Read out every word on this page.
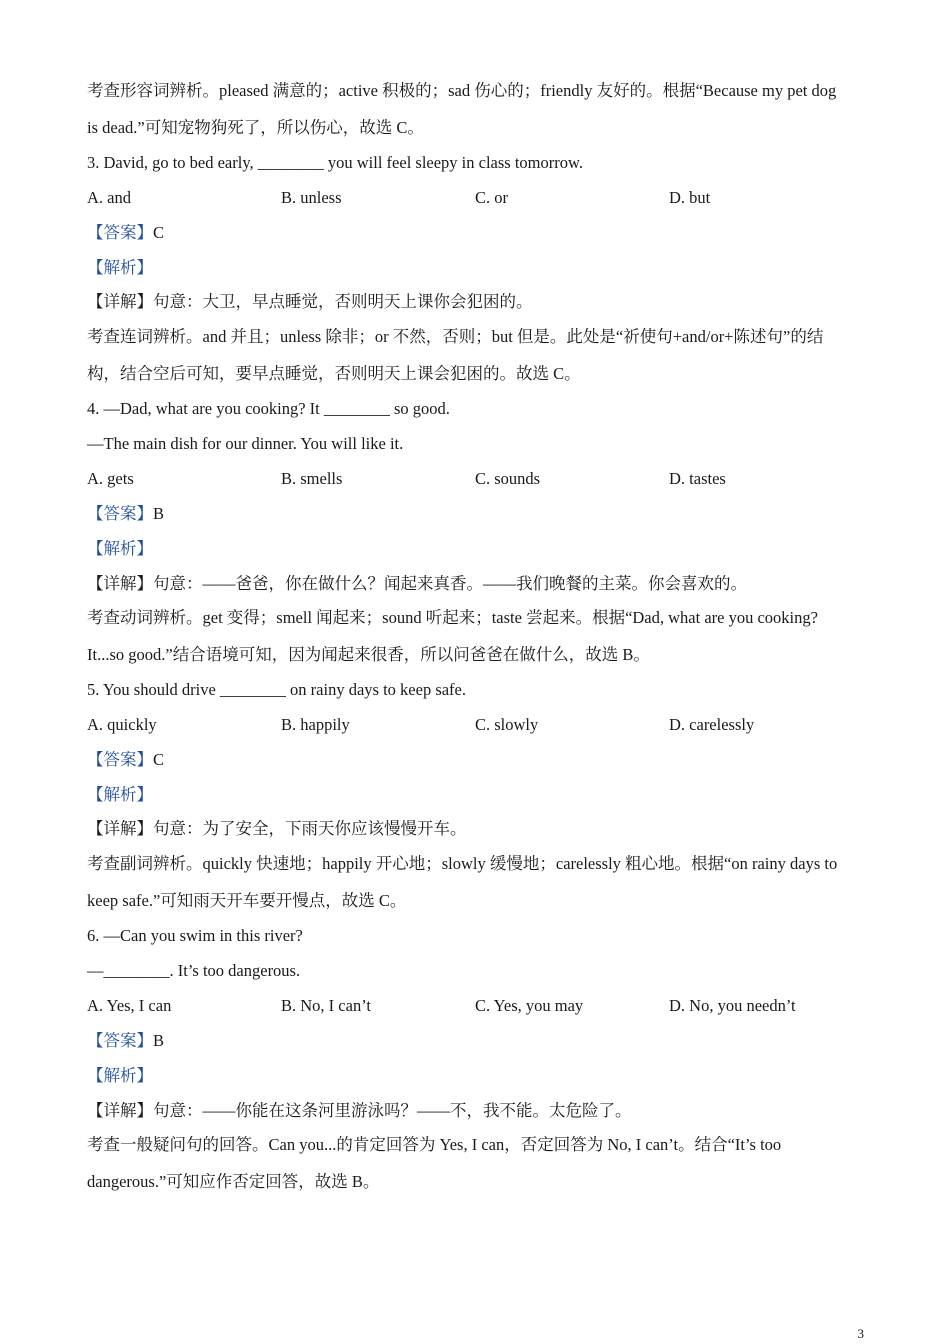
考查形容词辨析。pleased 满意的；active 积极的；sad 伤心的；friendly 友好的。根据“Because my pet dog
is dead.”可知宠物狗死了，所以伤心，故选 C。
3. David, go to bed early, ________ you will feel sleepy in class tomorrow.
A. and	B. unless	C. or	D. but
【答案】C
【解析】
【详解】句意：大卫，早点睡觉，否则明天上课你会犯困的。
考查连词辨析。and 并且；unless 除非；or 不然，否则；but 但是。此处是“祈使句+and/or+陈述句”的结
构，结合空后可知，要早点睡觉，否则明天上课会犯困的。故选 C。
4. —Dad, what are you cooking? It ________ so good.
—The main dish for our dinner. You will like it.
A. gets	B. smells	C. sounds	D. tastes
【答案】B
【解析】
【详解】句意：——爸爸，你在做什么？闻起来真香。——我们晚餐的主菜。你会喜欢的。
考查动词辨析。get 变得；smell 闻起来；sound 听起来；taste 尝起来。根据“Dad, what are you cooking?
It...so good.”结合语境可知，因为闻起来很香，所以问爸爸在做什么，故选 B。
5. You should drive ________ on rainy days to keep safe.
A. quickly	B. happily	C. slowly	D. carelessly
【答案】C
【解析】
【详解】句意：为了安全，下雨天你应该慢慢开车。
考查副词辨析。quickly 快速地；happily 开心地；slowly 缓慢地；carelessly 粗心地。根据“on rainy days to
keep safe.”可知雨天开车要开慢点，故选 C。
6. —Can you swim in this river?
—________. It’s too dangerous.
A. Yes, I can	B. No, I can’t	C. Yes, you may	D. No, you needn’t
【答案】B
【解析】
【详解】句意：——你能在这条河里游泳吗？——不，我不能。太危险了。
考查一般疑问句的回答。Can you...的肯定回答为 Yes, I can，否定回答为 No, I can’t。结合“It’s too
dangerous.”可知应作否定回答，故选 B。
3
